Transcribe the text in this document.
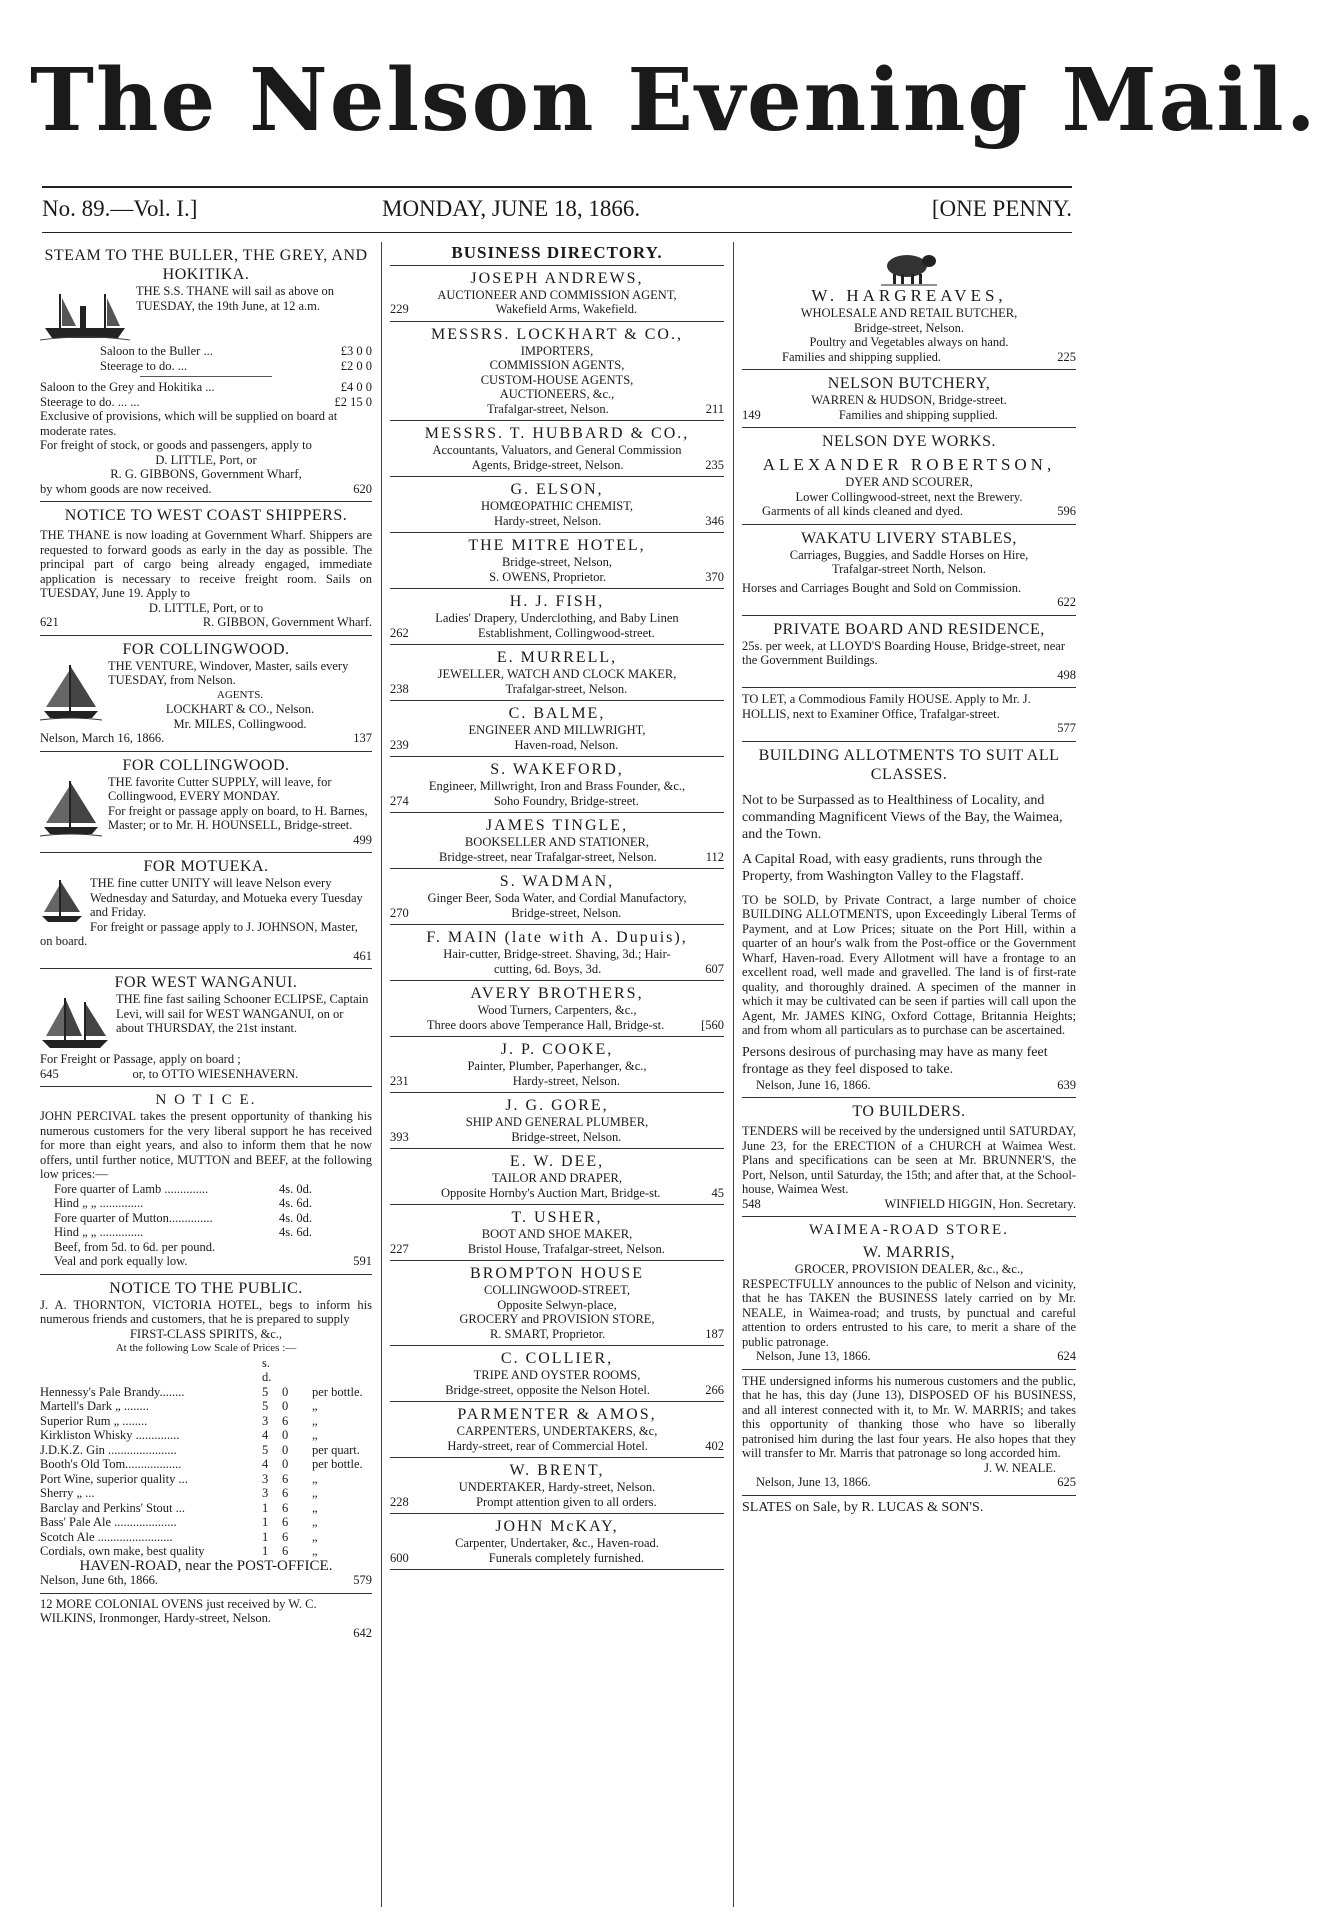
The Nelson Evening Mail.
No. 89.—Vol. I.]	MONDAY, JUNE 18, 1866.	[ONE PENNY.
STEAM TO THE BULLER, THE GREY, AND HOKITIKA.

THE S.S. THANE will sail as above on TUESDAY, the 19th June, at 12 a.m.

Saloon to the Buller ...	£3 0 0
Steerage to do. ...	£2 0 0
Saloon to the Grey and Hokitika ...	£4 0 0
Steerage to do. ... ...	£2 15 0

Exclusive of provisions, which will be supplied on board at moderate rates.

For freight of stock, or goods and passengers, apply to

D. LITTLE, Port, or

R. G. GIBBONS, Government Wharf,

by whom goods are now received.	620
NOTICE TO WEST COAST SHIPPERS.

THE THANE is now loading at Government Wharf. Shippers are requested to forward goods as early in the day as possible. The principal part of cargo being already engaged, immediate application is necessary to receive freight room. Sails on TUESDAY, June 19. Apply to

D. LITTLE, Port, or to

621	R. GIBBON, Government Wharf.
FOR COLLINGWOOD.

THE VENTURE, Windover, Master, sails every TUESDAY, from Nelson.

AGENTS.

LOCKHART & CO., Nelson.

Mr. MILES, Collingwood.

Nelson, March 16, 1866.	137
FOR COLLINGWOOD.

THE favorite Cutter SUPPLY, will leave, for Collingwood, EVERY MONDAY.

For freight or passage apply on board, to H. Barnes, Master; or to Mr. H. HOUNSELL, Bridge-street.

499

FOR MOTUEKA.

THE fine cutter UNITY will leave Nelson every Wednesday and Saturday, and Motueka every Tuesday and Friday.

For freight or passage apply to J. JOHNSON, Master, on board.

461

FOR WEST WANGANUI.

THE fine fast sailing Schooner ECLIPSE, Captain Levi, will sail for WEST WANGANUI, on or about THURSDAY, the 21st instant.

For Freight or Passage, apply on board ;

645	or, to OTTO WIESENHAVERN.
N O T I C E.

JOHN PERCIVAL takes the present opportunity of thanking his numerous customers for the very liberal support he has received for more than eight years, and also to inform them that he now offers, until further notice, MUTTON and BEEF, at the following low prices:—

Fore quarter of Lamb ..............	4s. 0d.
Hind „ „ ..............	4s. 6d.
Fore quarter of Mutton..............	4s. 0d.
Hind „ „ ..............	4s. 6d.

Beef, from 5d. to 6d. per pound.

Veal and pork equally low.	591
NOTICE TO THE PUBLIC.

J. A. THORNTON, VICTORIA HOTEL, begs to inform his numerous friends and customers, that he is prepared to supply

FIRST-CLASS SPIRITS, &c.,

At the following Low Scale of Prices :—

s. d.
Hennessy's Pale Brandy........	5	0	per bottle.
Martell's Dark „ ........	5	0	„
Superior Rum „ ........	3	6	„
Kirkliston Whisky ..............	4	0	„
J.D.K.Z. Gin ......................	5	0	per quart.
Booth's Old Tom..................	4	0	per bottle.
Port Wine, superior quality ...	3	6	„
Sherry „ ...	3	6	„
Barclay and Perkins' Stout ...	1	6	„
Bass' Pale Ale ....................	1	6	„
Scotch Ale ........................	1	6	„
Cordials, own make, best quality	1	6	„

HAVEN-ROAD, near the POST-OFFICE.

Nelson, June 6th, 1866.	579

12 MORE COLONIAL OVENS just received by W. C. WILKINS, Ironmonger, Hardy-street, Nelson.

642

BUSINESS DIRECTORY.
JOSEPH ANDREWS,

AUCTIONEER AND COMMISSION AGENT,

229	Wakefield Arms, Wakefield.
MESSRS. LOCKHART & CO.,

IMPORTERS,

COMMISSION AGENTS,

CUSTOM-HOUSE AGENTS,

AUCTIONEERS, &c.,

Trafalgar-street, Nelson.	211
MESSRS. T. HUBBARD & CO.,

Accountants, Valuators, and General Commission

Agents, Bridge-street, Nelson.	235
G. ELSON,

HOMŒOPATHIC CHEMIST,

Hardy-street, Nelson.	346
THE MITRE HOTEL,

Bridge-street, Nelson,

S. OWENS, Proprietor.	370
H. J. FISH,

Ladies' Drapery, Underclothing, and Baby Linen

262	Establishment, Collingwood-street.
E. MURRELL,

JEWELLER, WATCH AND CLOCK MAKER,

238	Trafalgar-street, Nelson.
C. BALME,

ENGINEER AND MILLWRIGHT,

239	Haven-road, Nelson.
S. WAKEFORD,

Engineer, Millwright, Iron and Brass Founder, &c.,

274	Soho Foundry, Bridge-street.
JAMES TINGLE,

BOOKSELLER AND STATIONER,

Bridge-street, near Trafalgar-street, Nelson.	112
S. WADMAN,

Ginger Beer, Soda Water, and Cordial Manufactory,

270	Bridge-street, Nelson.
F. MAIN (late with A. Dupuis),

Hair-cutter, Bridge-street. Shaving, 3d.; Hair-

cutting, 6d. Boys, 3d.	607
AVERY BROTHERS,

Wood Turners, Carpenters, &c.,

Three doors above Temperance Hall, Bridge-st.	[560
J. P. COOKE,

Painter, Plumber, Paperhanger, &c.,

231	Hardy-street, Nelson.
J. G. GORE,

SHIP AND GENERAL PLUMBER,

393	Bridge-street, Nelson.
E. W. DEE,

TAILOR AND DRAPER,

Opposite Hornby's Auction Mart, Bridge-st.	45
T. USHER,

BOOT AND SHOE MAKER,

227	Bristol House, Trafalgar-street, Nelson.
BROMPTON HOUSE

COLLINGWOOD-STREET,

Opposite Selwyn-place,

GROCERY and PROVISION STORE,

R. SMART, Proprietor.	187
C. COLLIER,

TRIPE AND OYSTER ROOMS,

Bridge-street, opposite the Nelson Hotel.	266
PARMENTER & AMOS,

CARPENTERS, UNDERTAKERS, &c,

Hardy-street, rear of Commercial Hotel.	402
W. BRENT,

UNDERTAKER, Hardy-street, Nelson.

228	Prompt attention given to all orders.
JOHN McKAY,

Carpenter, Undertaker, &c., Haven-road.

600	Funerals completely furnished.
W. HARGREAVES,

WHOLESALE AND RETAIL BUTCHER,

Bridge-street, Nelson.

Poultry and Vegetables always on hand.

Families and shipping supplied.	225
NELSON BUTCHERY,

WARREN & HUDSON, Bridge-street.

149	Families and shipping supplied.
NELSON DYE WORKS.
ALEXANDER ROBERTSON,

DYER AND SCOURER,

Lower Collingwood-street, next the Brewery.

Garments of all kinds cleaned and dyed.	596
WAKATU LIVERY STABLES,

Carriages, Buggies, and Saddle Horses on Hire,

Trafalgar-street North, Nelson.

Horses and Carriages Bought and Sold on Commission.

622

PRIVATE BOARD AND RESIDENCE,

25s. per week, at LLOYD'S Boarding House, Bridge-street, near the Government Buildings.

498

TO LET, a Commodious Family HOUSE. Apply to Mr. J. HOLLIS, next to Examiner Office, Trafalgar-street.

577

BUILDING ALLOTMENTS TO SUIT ALL CLASSES.

Not to be Surpassed as to Healthiness of Locality, and commanding Magnificent Views of the Bay, the Waimea, and the Town.

A Capital Road, with easy gradients, runs through the Property, from Washington Valley to the Flagstaff.

TO be SOLD, by Private Contract, a large number of choice BUILDING ALLOTMENTS, upon Exceedingly Liberal Terms of Payment, and at Low Prices; situate on the Port Hill, within a quarter of an hour's walk from the Post-office or the Government Wharf, Haven-road. Every Allotment will have a frontage to an excellent road, well made and gravelled. The land is of first-rate quality, and thoroughly drained. A specimen of the manner in which it may be cultivated can be seen if parties will call upon the Agent, Mr. JAMES KING, Oxford Cottage, Britannia Heights; and from whom all particulars as to purchase can be ascertained.

Persons desirous of purchasing may have as many feet frontage as they feel disposed to take.

Nelson, June 16, 1866.	639
TO BUILDERS.

TENDERS will be received by the undersigned until SATURDAY, June 23, for the ERECTION of a CHURCH at Waimea West. Plans and specifications can be seen at Mr. BRUNNER'S, the Port, Nelson, until Saturday, the 15th; and after that, at the School-house, Waimea West.

548	WINFIELD HIGGIN, Hon. Secretary.
WAIMEA-ROAD STORE.
W. MARRIS,

GROCER, PROVISION DEALER, &c., &c.,

RESPECTFULLY announces to the public of Nelson and vicinity, that he has TAKEN the BUSINESS lately carried on by Mr. NEALE, in Waimea-road; and trusts, by punctual and careful attention to orders entrusted to his care, to merit a share of the public patronage.

Nelson, June 13, 1866.	624

THE undersigned informs his numerous customers and the public, that he has, this day (June 13), DISPOSED OF his BUSINESS, and all interest connected with it, to Mr. W. MARRIS; and takes this opportunity of thanking those who have so liberally patronised him during the last four years. He also hopes that they will transfer to Mr. Marris that patronage so long accorded him.

J. W. NEALE.

Nelson, June 13, 1866.	625

SLATES on Sale, by R. LUCAS & SON'S.
